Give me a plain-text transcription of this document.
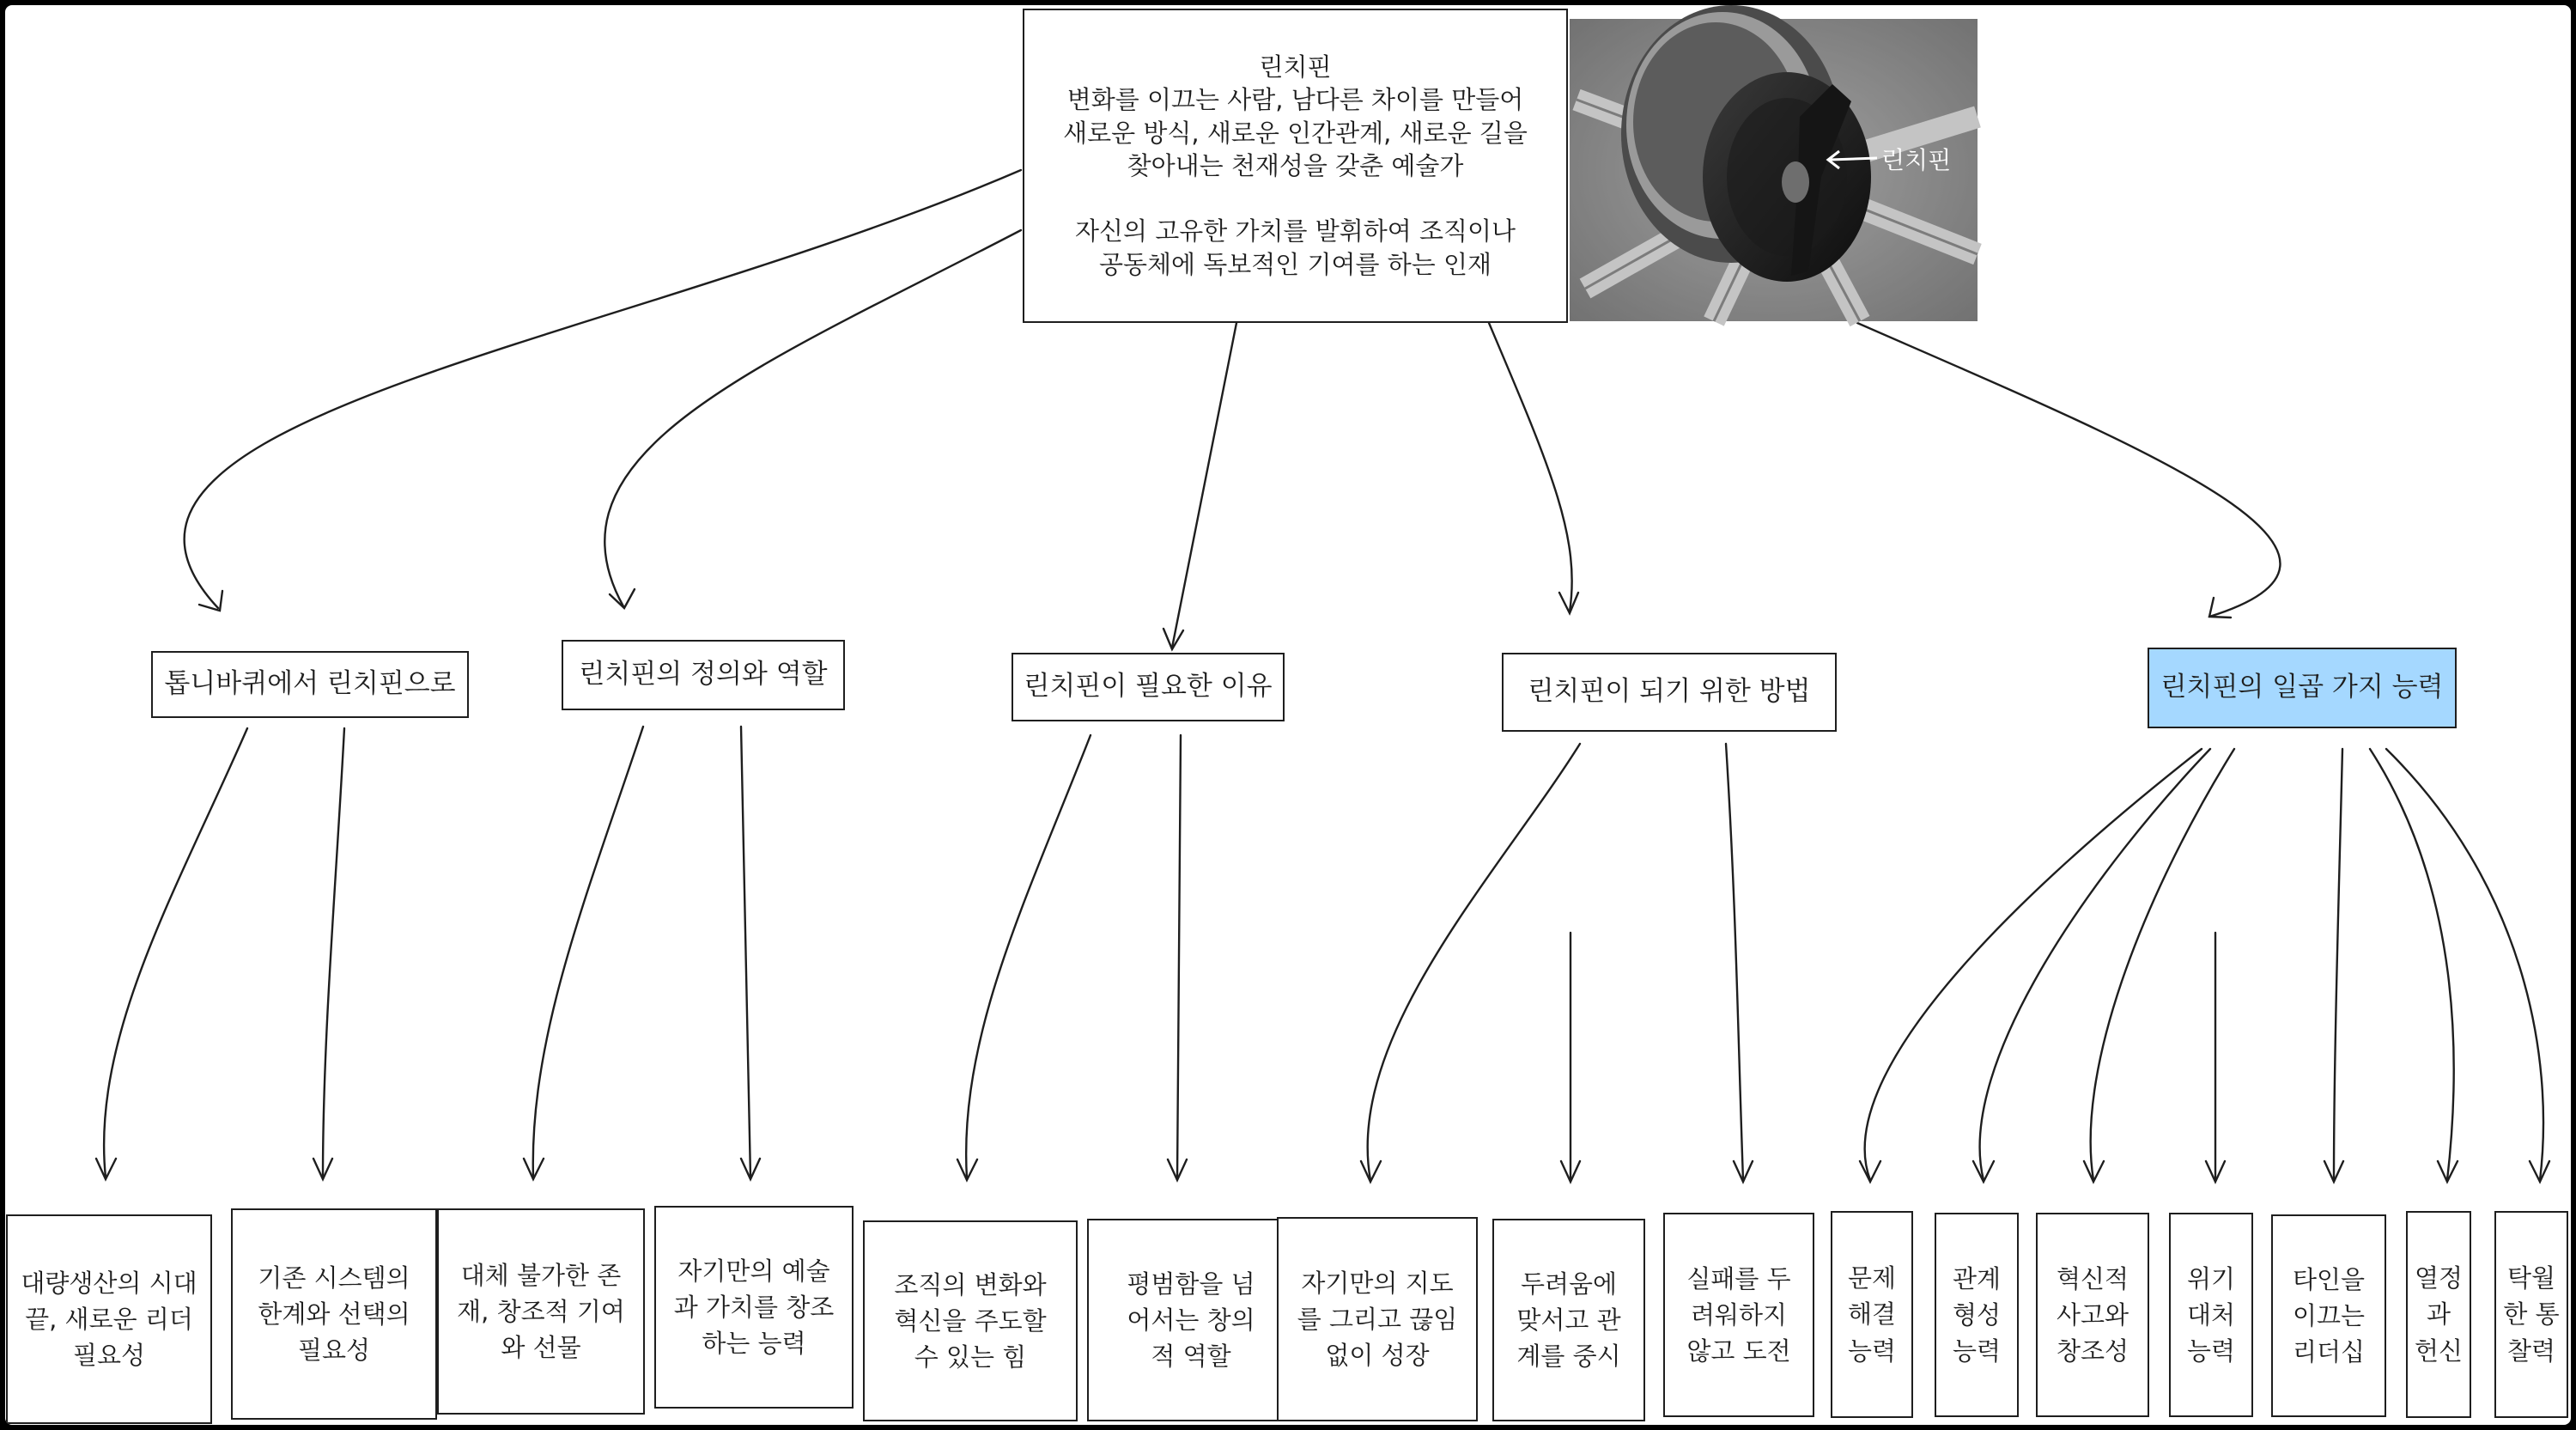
린치핀
린치핀
변화를 이끄는 사람, 남다른 차이를 만들어
새로운 방식, 새로운 인간관계, 새로운 길을
찾아내는 천재성을 갖춘 예술가

자신의 고유한 가치를 발휘하여 조직이나
공동체에 독보적인 기여를 하는 인재
톱니바퀴에서 린치핀으로	린치핀의 정의와 역할	린치핀이 필요한 이유	린치핀이 되기 위한 방법	린치핀의 일곱 가지 능력
대량생산의 시대
끝, 새로운 리더
필요성
기존 시스템의
한계와 선택의
필요성
대체 불가한 존
재, 창조적 기여
와 선물
자기만의 예술
과 가치를 창조
하는 능력
조직의 변화와
혁신을 주도할
수 있는 힘
평범함을 넘
어서는 창의
적 역할
자기만의 지도
를 그리고 끊임
없이 성장
두려움에
맞서고 관
계를 중시
실패를 두
려워하지
않고 도전
문제
해결
능력
관계
형성
능력
혁신적
사고와
창조성
위기
대처
능력
타인을
이끄는
리더십
열정
과
헌신
탁월
한 통
찰력
